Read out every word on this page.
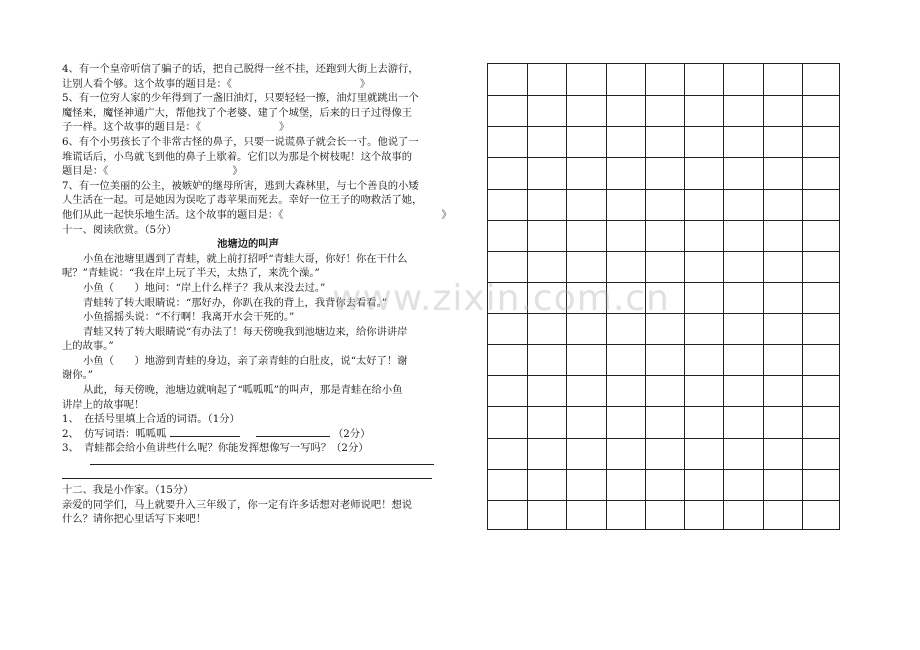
4、有一个皇帝听信了骗子的话，把自己脱得一丝不挂，还跑到大街上去游行，
让别人看个够。这个故事的题目是：《	》
5、有一位穷人家的少年得到了一盏旧油灯，只要轻轻一擦，油灯里就跳出一个
魔怪来，魔怪神通广大，帮他找了个老婆、建了个城堡，后来的日子过得像王
子一样。这个故事的题目是：《	》
6、有个小男孩长了个非常古怪的鼻子，只要一说谎鼻子就会长一寸。他说了一
堆谎话后，小鸟就飞到他的鼻子上歇着。它们以为那是个树枝呢！这个故事的
题目是：《	》
7、有一位美丽的公主，被嫉妒的继母所害，逃到大森林里，与七个善良的小矮
人生活在一起。可是她因为误吃了毒苹果而死去。幸好一位王子的吻救活了她，
他们从此一起快乐地生活。这个故事的题目是：《	》
十一、阅读欣赏。（5分）
池塘边的叫声
小鱼在池塘里遇到了青蛙，就上前打招呼“青蛙大哥，你好！你在干什么
呢？”青蛙说：“我在岸上玩了半天，太热了，来洗个澡。”
小鱼（　　）地问：“岸上什么样子？我从来没去过。”
青蛙转了转大眼睛说：“那好办，你趴在我的背上，我背你去看看。”
小鱼摇摇头说：“不行啊！我离开水会干死的。”
青蛙又转了转大眼睛说“有办法了！每天傍晚我到池塘边来，给你讲讲岸
上的故事。”
小鱼（　　）地游到青蛙的身边，亲了亲青蛙的白肚皮，说“太好了！谢
谢你。”
从此，每天傍晚，池塘边就响起了“呱呱呱”的叫声，那是青蛙在给小鱼
讲岸上的故事呢！
1、　在括号里填上合适的词语。（1分）
2、　仿写词语：呱呱呱	（2分）
3、　青蛙都会给小鱼讲些什么呢？你能发挥想像写一写吗？（2分）
十二、我是小作家。（15分）
亲爱的同学们，马上就要升入三年级了，你一定有许多话想对老师说吧！想说
什么？请你把心里话写下来吧！
www.zixin.com.cn
